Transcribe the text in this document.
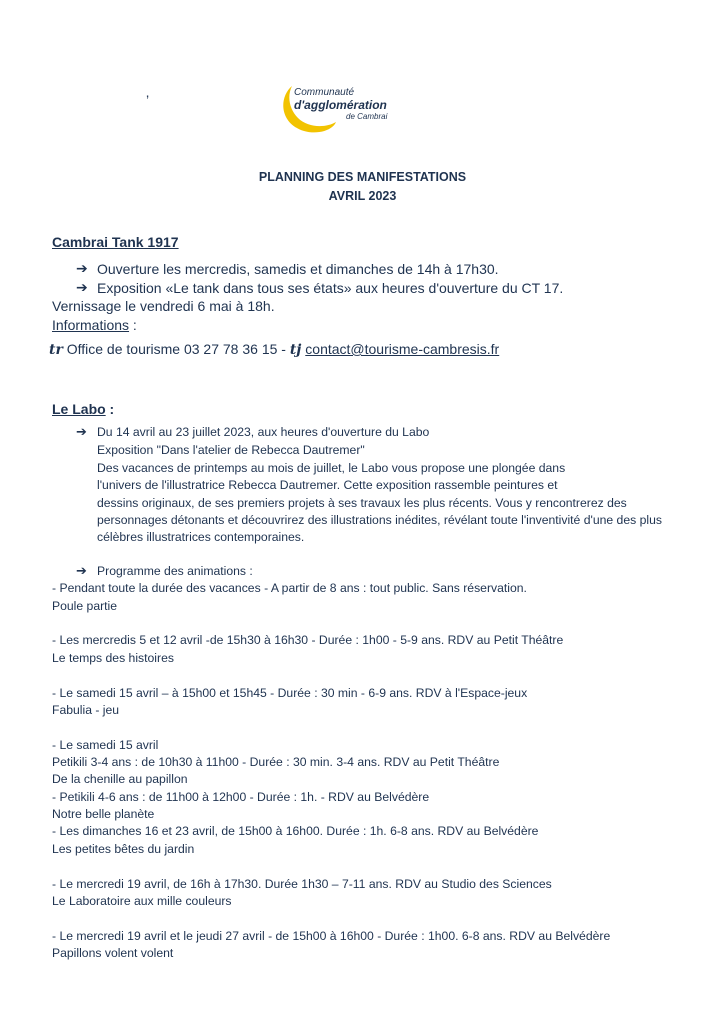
’	Communauté
d'agglomération
de Cambrai
PLANNING DES MANIFESTATIONS
AVRIL 2023
Cambrai Tank 1917
➔ Ouverture les mercredis, samedis et dimanches de 14h à 17h30.
➔ Exposition «Le tank dans tous ses états» aux heures d'ouverture du CT 17.
Vernissage le vendredi 6 mai à 18h.
Informations :
tr Office de tourisme 03 27 78 36 15 - tj contact@tourisme-cambresis.fr
Le Labo :
➔ Du 14 avril au 23 juillet 2023, aux heures d'ouverture du Labo
Exposition "Dans l'atelier de Rebecca Dautremer"
Des vacances de printemps au mois de juillet, le Labo vous propose une plongée dans
l'univers de l'illustratrice Rebecca Dautremer. Cette exposition rassemble peintures et
dessins originaux, de ses premiers projets à ses travaux les plus récents. Vous y rencontrerez des
personnages détonants et découvrirez des illustrations inédites, révélant toute l'inventivité d'une des plus
célèbres illustratrices contemporaines.
➔ Programme des animations :
- Pendant toute la durée des vacances - A partir de 8 ans : tout public. Sans réservation.
Poule partie
- Les mercredis 5 et 12 avril -de 15h30 à 16h30 - Durée : 1h00 - 5-9 ans. RDV au Petit Théâtre
Le temps des histoires
- Le samedi 15 avril – à 15h00 et 15h45 - Durée : 30 min - 6-9 ans. RDV à l'Espace-jeux
Fabulia - jeu
- Le samedi 15 avril
Petikili 3-4 ans : de 10h30 à 11h00 - Durée : 30 min. 3-4 ans. RDV au Petit Théâtre
De la chenille au papillon
- Petikili 4-6 ans : de 11h00 à 12h00 - Durée : 1h. - RDV au Belvédère
Notre belle planète
- Les dimanches 16 et 23 avril, de 15h00 à 16h00. Durée : 1h. 6-8 ans. RDV au Belvédère
Les petites bêtes du jardin
- Le mercredi 19 avril, de 16h à 17h30. Durée 1h30 – 7-11 ans. RDV au Studio des Sciences
Le Laboratoire aux mille couleurs
- Le mercredi 19 avril et le jeudi 27 avril - de 15h00 à 16h00 - Durée : 1h00. 6-8 ans. RDV au Belvédère
Papillons volent volent
